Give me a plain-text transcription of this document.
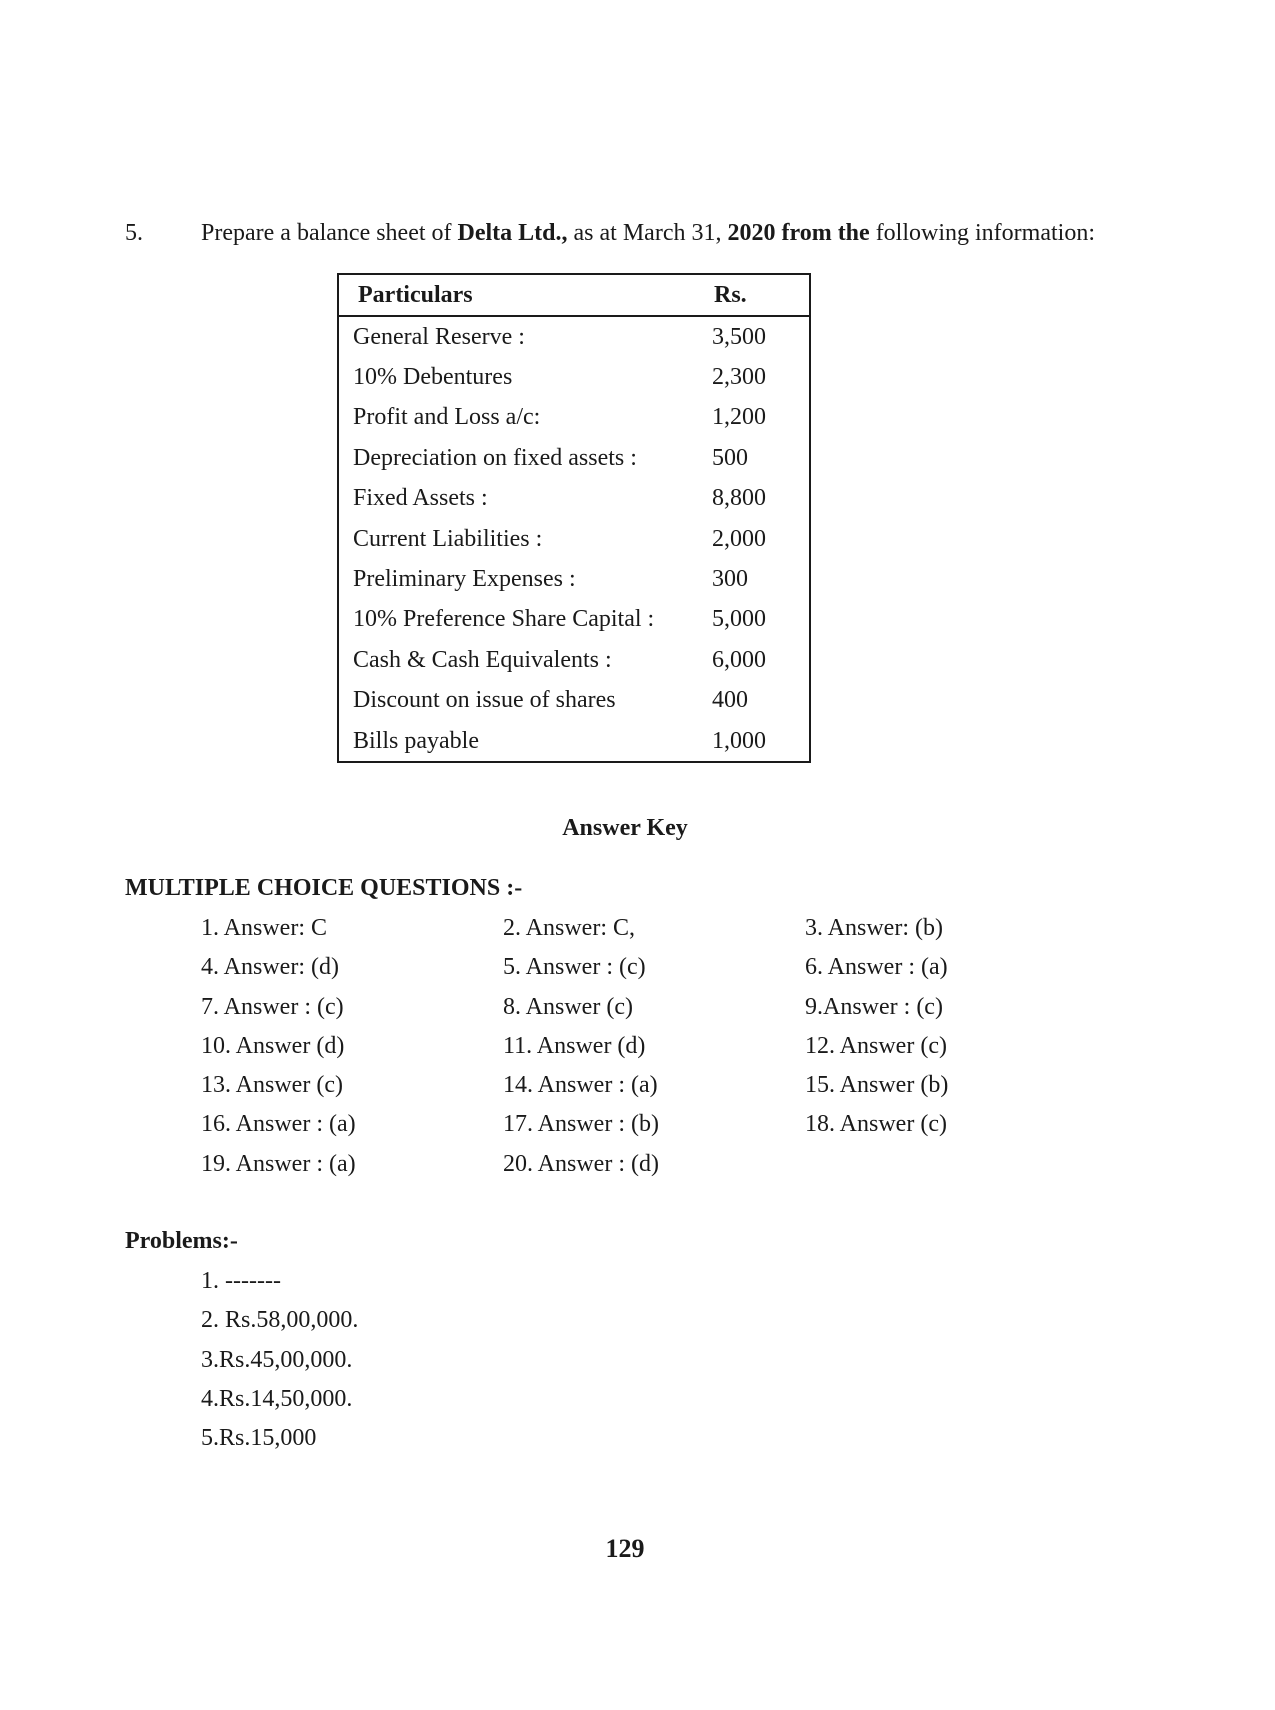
5. Prepare a balance sheet of Delta Ltd., as at March 31, 2020 from the following information:
Particulars	Rs.
General Reserve :	3,500
10% Debentures	2,300
Profit and Loss a/c:	1,200
Depreciation on fixed assets :	500
Fixed Assets :	8,800
Current Liabilities :	2,000
Preliminary Expenses :	300
10% Preference Share Capital :	5,000
Cash & Cash Equivalents :	6,000
Discount on issue of shares	400
Bills payable	1,000
Answer Key
MULTIPLE CHOICE QUESTIONS :-
1. Answer: C	2. Answer: C,	3. Answer: (b)
4. Answer: (d)	5. Answer : (c)	6. Answer : (a)
7. Answer : (c)	8. Answer (c)	9.Answer : (c)
10. Answer (d)	11. Answer (d)	12. Answer (c)
13. Answer (c)	14. Answer : (a)	15. Answer (b)
16. Answer : (a)	17. Answer : (b)	18. Answer (c)
19. Answer : (a)	20. Answer : (d)
Problems:-
1. -------
2. Rs.58,00,000.
3.Rs.45,00,000.
4.Rs.14,50,000.
5.Rs.15,000
129
